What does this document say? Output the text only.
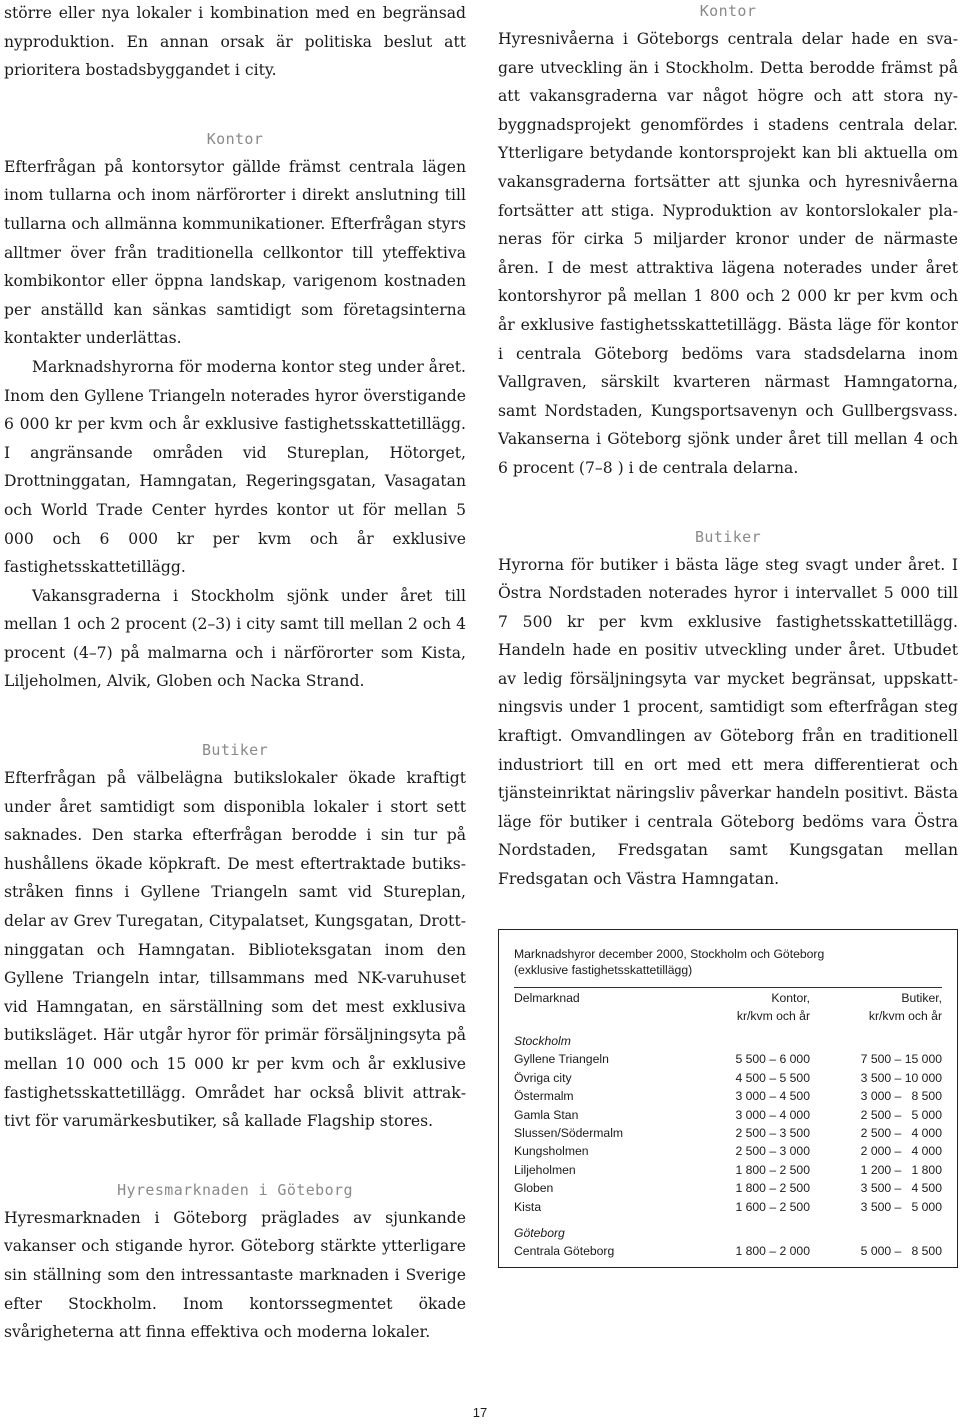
större eller nya lokaler i kombination med en begränsad nyproduktion. En annan orsak är politiska beslut att prioritera bostadsbyggandet i city.

Kontor

Efterfrågan på kontorsytor gällde främst centrala lägen inom tullarna och inom närförorter i direkt anslutning till tullarna och allmänna kommunikationer. Efterfrågan styrs alltmer över från traditionella cellkontor till yteffektiva kombikontor eller öppna landskap, varigenom kostnaden per anställd kan sänkas samtidigt som företagsinterna kontakter underlättas.

Marknadshyrorna för moderna kontor steg under året. Inom den Gyllene Triangeln noterades hyror överstigande 6 000 kr per kvm och år exklusive fastighetsskattetillägg. I angränsande områden vid Stureplan, Hötorget, Drottninggatan, Hamngatan, Regeringsgatan, Vasagatan och World Trade Center hyrdes kontor ut för mellan 5 000 och 6 000 kr per kvm och år exklusive fastighetsskattetillägg.

Vakansgraderna i Stockholm sjönk under året till mellan 1 och 2 procent (2–3) i city samt till mellan 2 och 4 procent (4–7) på malmarna och i närförorter som Kista, Liljeholmen, Alvik, Globen och Nacka Strand.

Butiker

Efterfrågan på välbelägna butikslokaler ökade kraftigt under året samtidigt som disponibla lokaler i stort sett saknades. Den starka efterfrågan berodde i sin tur på hushållens ökade köpkraft. De mest eftertraktade butiksstråken finns i Gyllene Triangeln samt vid Stureplan, delar av Grev Turegatan, Citypalatset, Kungsgatan, Drottninggatan och Hamngatan. Biblioteksgatan inom den Gyllene Triangeln intar, tillsammans med NK-varuhuset vid Hamngatan, en särställning som det mest exklusiva butiksläget. Här utgår hyror för primär försäljningsyta på mellan 10 000 och 15 000 kr per kvm och år exklusive fastighetsskattetillägg. Området har också blivit attraktivt för varumärkesbutiker, så kallade Flagship stores.

Hyresmarknaden i Göteborg

Hyresmarknaden i Göteborg präglades av sjunkande vakanser och stigande hyror. Göteborg stärkte ytterligare sin ställning som den intressantaste marknaden i Sverige efter Stockholm. Inom kontorssegmentet ökade svårigheterna att finna effektiva och moderna lokaler.

Kontor

Hyresnivåerna i Göteborgs centrala delar hade en svagare utveckling än i Stockholm. Detta berodde främst på att vakansgraderna var något högre och att stora nybyggnadsprojekt genomfördes i stadens centrala delar. Ytterligare betydande kontorsprojekt kan bli aktuella om vakansgraderna fortsätter att sjunka och hyresnivåerna fortsätter att stiga. Nyproduktion av kontorslokaler planeras för cirka 5 miljarder kronor under de närmaste åren. I de mest attraktiva lägena noterades under året kontorshyror på mellan 1 800 och 2 000 kr per kvm och år exklusive fastighetsskattetillägg. Bästa läge för kontor i centrala Göteborg bedöms vara stadsdelarna inom Vallgraven, särskilt kvarteren närmast Hamngatorna, samt Nordstaden, Kungsportsavenyn och Gullbergsvass. Vakanserna i Göteborg sjönk under året till mellan 4 och 6 procent (7–8 ) i de centrala delarna.

Butiker

Hyrorna för butiker i bästa läge steg svagt under året. I Östra Nordstaden noterades hyror i intervallet 5 000 till 7 500 kr per kvm exklusive fastighetsskattetillägg. Handeln hade en positiv utveckling under året. Utbudet av ledig försäljningsyta var mycket begränsat, uppskattningsvis under 1 procent, samtidigt som efterfrågan steg kraftigt. Omvandlingen av Göteborg från en traditionell industriort till en ort med ett mera differentierat och tjänsteinriktat näringsliv påverkar handeln positivt. Bästa läge för butiker i centrala Göteborg bedöms vara Östra Nordstaden, Fredsgatan samt Kungsgatan mellan Fredsgatan och Västra Hamngatan.

Marknadshyror december 2000, Stockholm och Göteborg
(exklusive fastighetsskattetillägg)
Delmarknad	Kontor,	Butiker,
kr/kvm och år	kr/kvm och år
Stockholm
Gyllene Triangeln	5 500 – 6 000	7 500 – 15 000
Övriga city	4 500 – 5 500	3 500 – 10 000
Östermalm	3 000 – 4 500	3 000 –   8 500
Gamla Stan	3 000 – 4 000	2 500 –   5 000
Slussen/Södermalm	2 500 – 3 500	2 500 –   4 000
Kungsholmen	2 500 – 3 000	2 000 –   4 000
Liljeholmen	1 800 – 2 500	1 200 –   1 800
Globen	1 800 – 2 500	3 500 –   4 500
Kista	1 600 – 2 500	3 500 –   5 000
Göteborg
Centrala Göteborg	1 800 – 2 000	5 000 –   8 500
17
